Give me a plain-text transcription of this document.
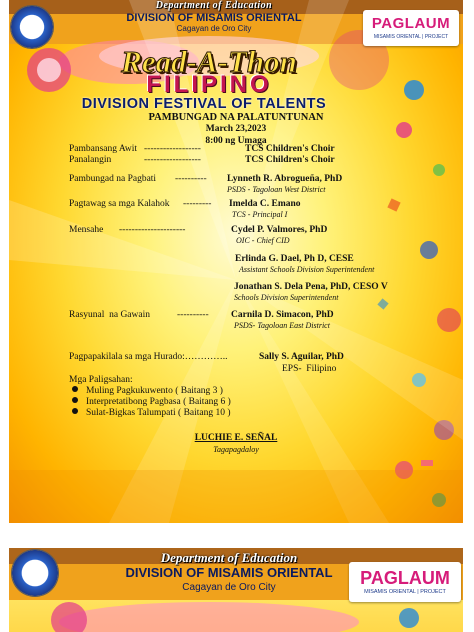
Department of Education
DIVISION OF MISAMIS ORIENTAL
Cagayan de Oro City	PAGLAUM
MISAMIS ORIENTAL | PROJECT
Read-A-Thon
FILIPINO
DIVISION FESTIVAL OF TALENTS
PAMBUNGAD NA PALATUNTUNAN
March 23,2023
8:00 ng Umaga
Pambansang Awit ------------------	TCS Children's Choir
Panalangin	------------------	TCS Children's Choir
Pambungad na Pagbati ---------- Lynneth R. Abrogueña, PhD
PSDS - Tagoloan West District
Pagtawag sa mga Kalahok --------- Imelda C. Emano
TCS - Principal I
Mensahe ---------------------	Cydel P. Valmores, PhD
OIC - Chief CID
Erlinda G. Dael, Ph D, CESE
Assistant Schools Division Superintendent
Jonathan S. Dela Pena, PhD, CESO V
Schools Division Superintendent
Rasyunal  na Gawain	---------- Carnila D. Simacon, PhD
PSDS- Tagoloan East District
Pagpapakilala sa mga Hurado:…………..	Sally S. Aguilar, PhD
EPS-  Filipino
Mga Paligsahan:
Muling Pagkukuwento ( Baitang 3 )
Interpretatibong Pagbasa ( Baitang 6 )
Sulat-Bigkas Talumpati ( Baitang 10 )
LUCHIE E. SEÑAL
Tagapagdaloy
Department of Education
DIVISION OF MISAMIS ORIENTAL
Cagayan de Oro City	PAGLAUM
MISAMIS ORIENTAL | PROJECT
